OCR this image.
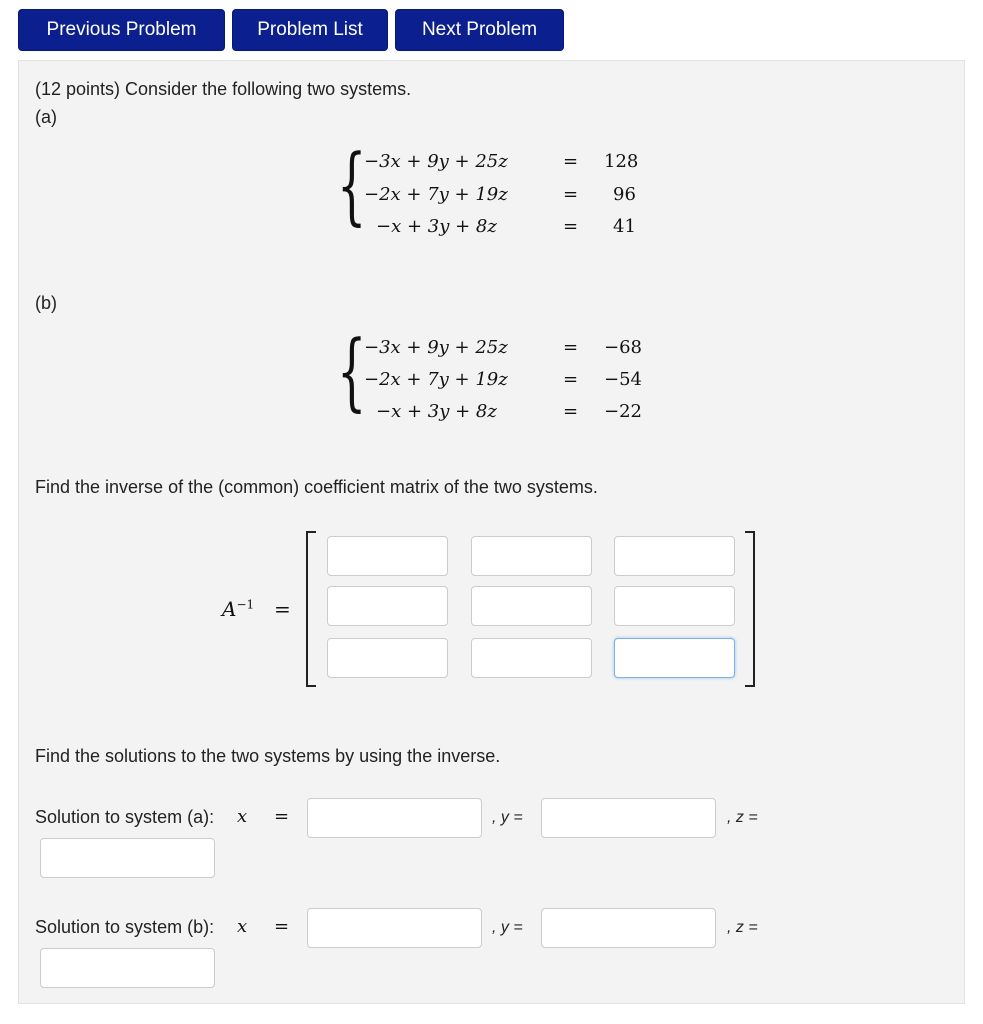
Previous Problem	Problem List	Next Problem
(12 points) Consider the following two systems.
(a)
{
−3x + 9y + 25z	= 128
−2x + 7y + 19z	= 96
−x + 3y + 8z	= 41
(b)
{
−3x + 9y + 25z	= −68
−2x + 7y + 19z	= −54
−x + 3y + 8z	= −22
Find the inverse of the (common) coefficient matrix of the two systems.
$A^{-1}$ =
Find the solutions to the two systems by using the inverse.
Solution to system (a): x =	, y =	, z =
Solution to system (b): x =	, y =	, z =
